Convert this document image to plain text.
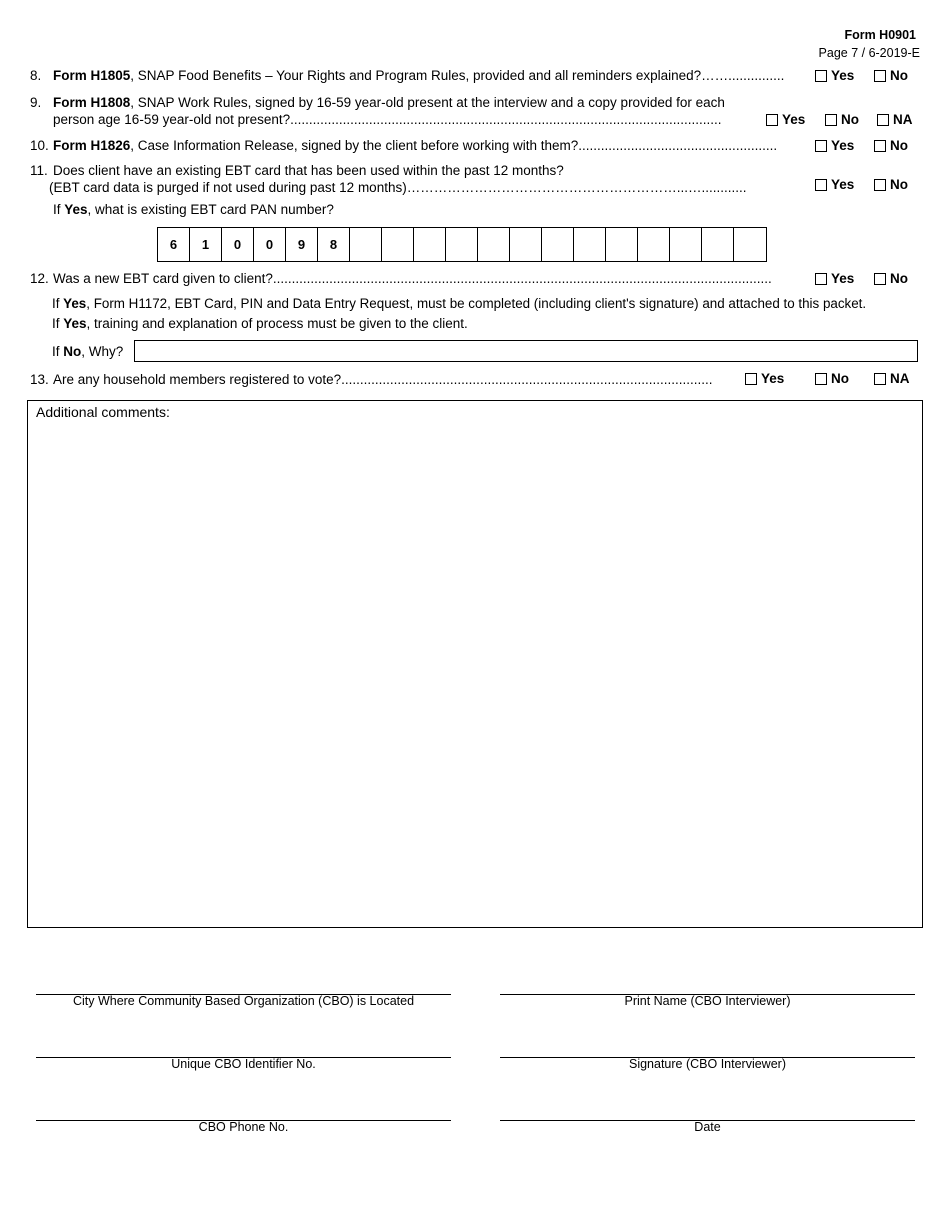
Form H0901
Page 7 / 6-2019-E
8. Form H1805, SNAP Food Benefits – Your Rights and Program Rules, provided and all reminders explained?……...............	Yes	No
9. Form H1808, SNAP Work Rules, signed by 16-59 year-old present at the interview and a copy provided for each
person age 16-59 year-old not present?...................................................................................................................	Yes	No	NA
10. Form H1826, Case Information Release, signed by the client before working with them?.....................................................	Yes	No
11. Does client have an existing EBT card that has been used within the past 12 months?
(EBT card data is purged if not used during past 12 months)……………………………………………………...…............	Yes	No
If Yes, what is existing EBT card PAN number?
6	1	0	0	9	8
12. Was a new EBT card given to client?.....................................................................................................................................	Yes	No
If Yes, Form H1172, EBT Card, PIN and Data Entry Request, must be completed (including client's signature) and attached to this packet.
If Yes, training and explanation of process must be given to the client.
If No, Why?
13. Are any household members registered to vote?...................................................................................................	Yes	No	NA
Additional comments:
City Where Community Based Organization (CBO) is Located	Print Name (CBO Interviewer)
Unique CBO Identifier No.	Signature (CBO Interviewer)
CBO Phone No.	Date
